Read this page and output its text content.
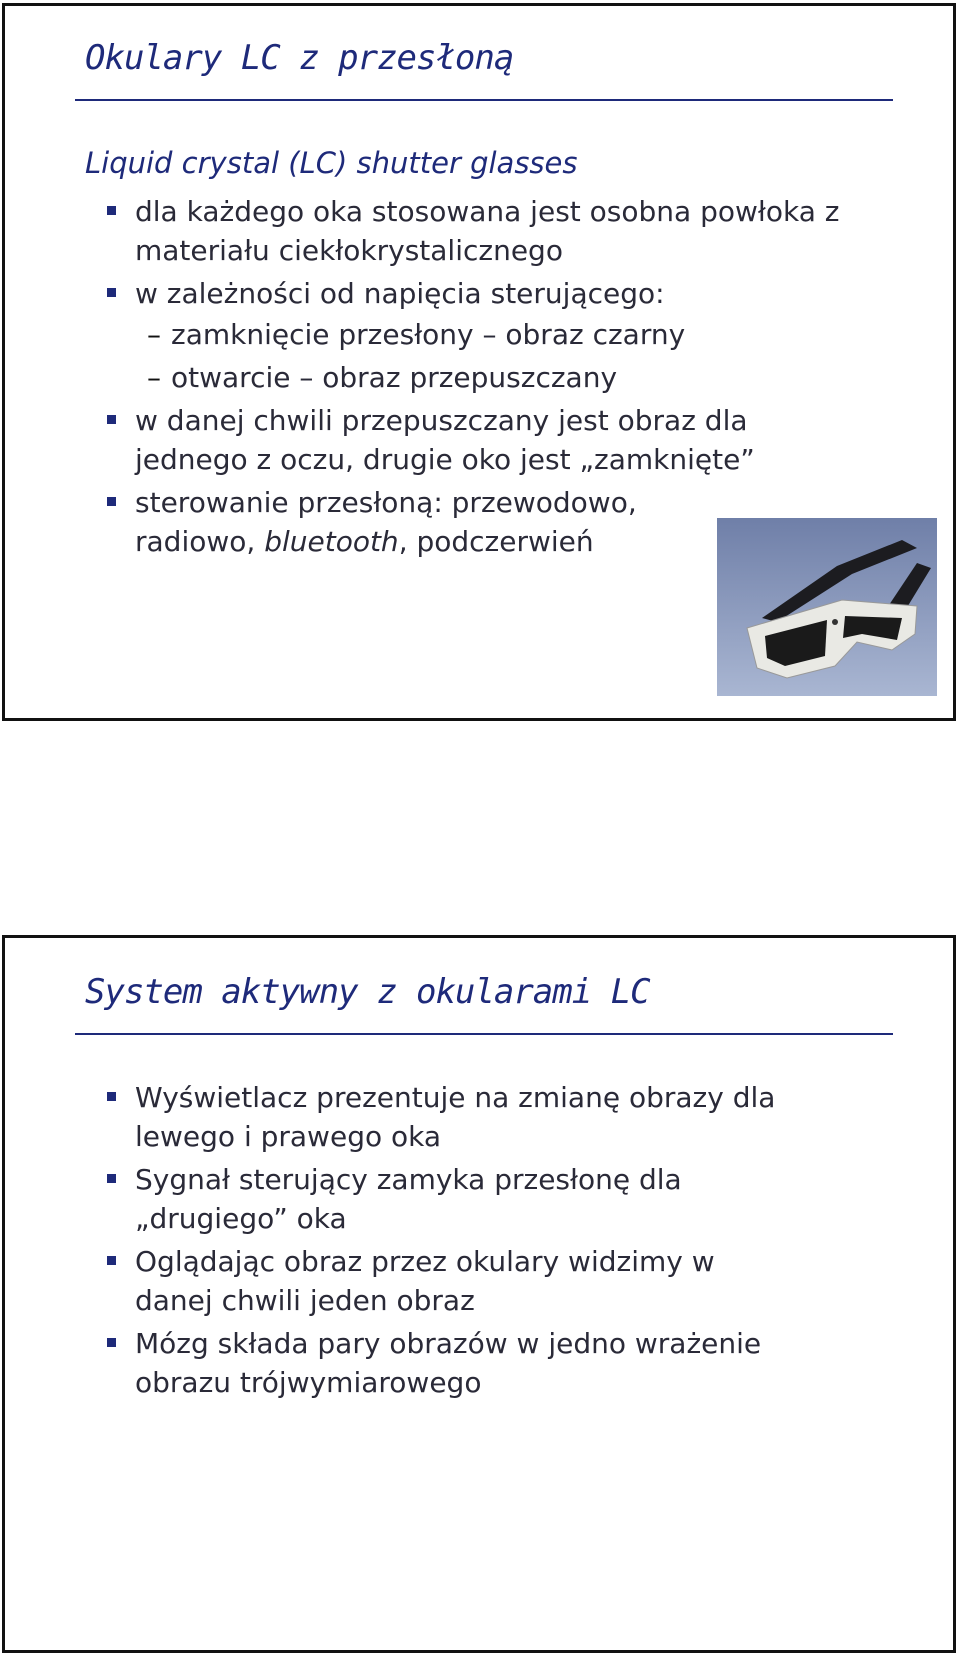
Okulary LC z przesłoną
Liquid crystal (LC) shutter glasses
dla każdego oka stosowana jest osobna powłoka z materiału ciekłokrystalicznego
w zależności od napięcia sterującego:
– zamknięcie przesłony – obraz czarny
– otwarcie – obraz przepuszczany
w danej chwili przepuszczany jest obraz dla jednego z oczu, drugie oko jest „zamknięte”
sterowanie przesłoną: przewodowo, radiowo, bluetooth, podczerwień
System aktywny z okularami LC
Wyświetlacz prezentuje na zmianę obrazy dla lewego i prawego oka
Sygnał sterujący zamyka przesłonę dla „drugiego” oka
Oglądając obraz przez okulary widzimy w danej chwili jeden obraz
Mózg składa pary obrazów w jedno wrażenie obrazu trójwymiarowego
